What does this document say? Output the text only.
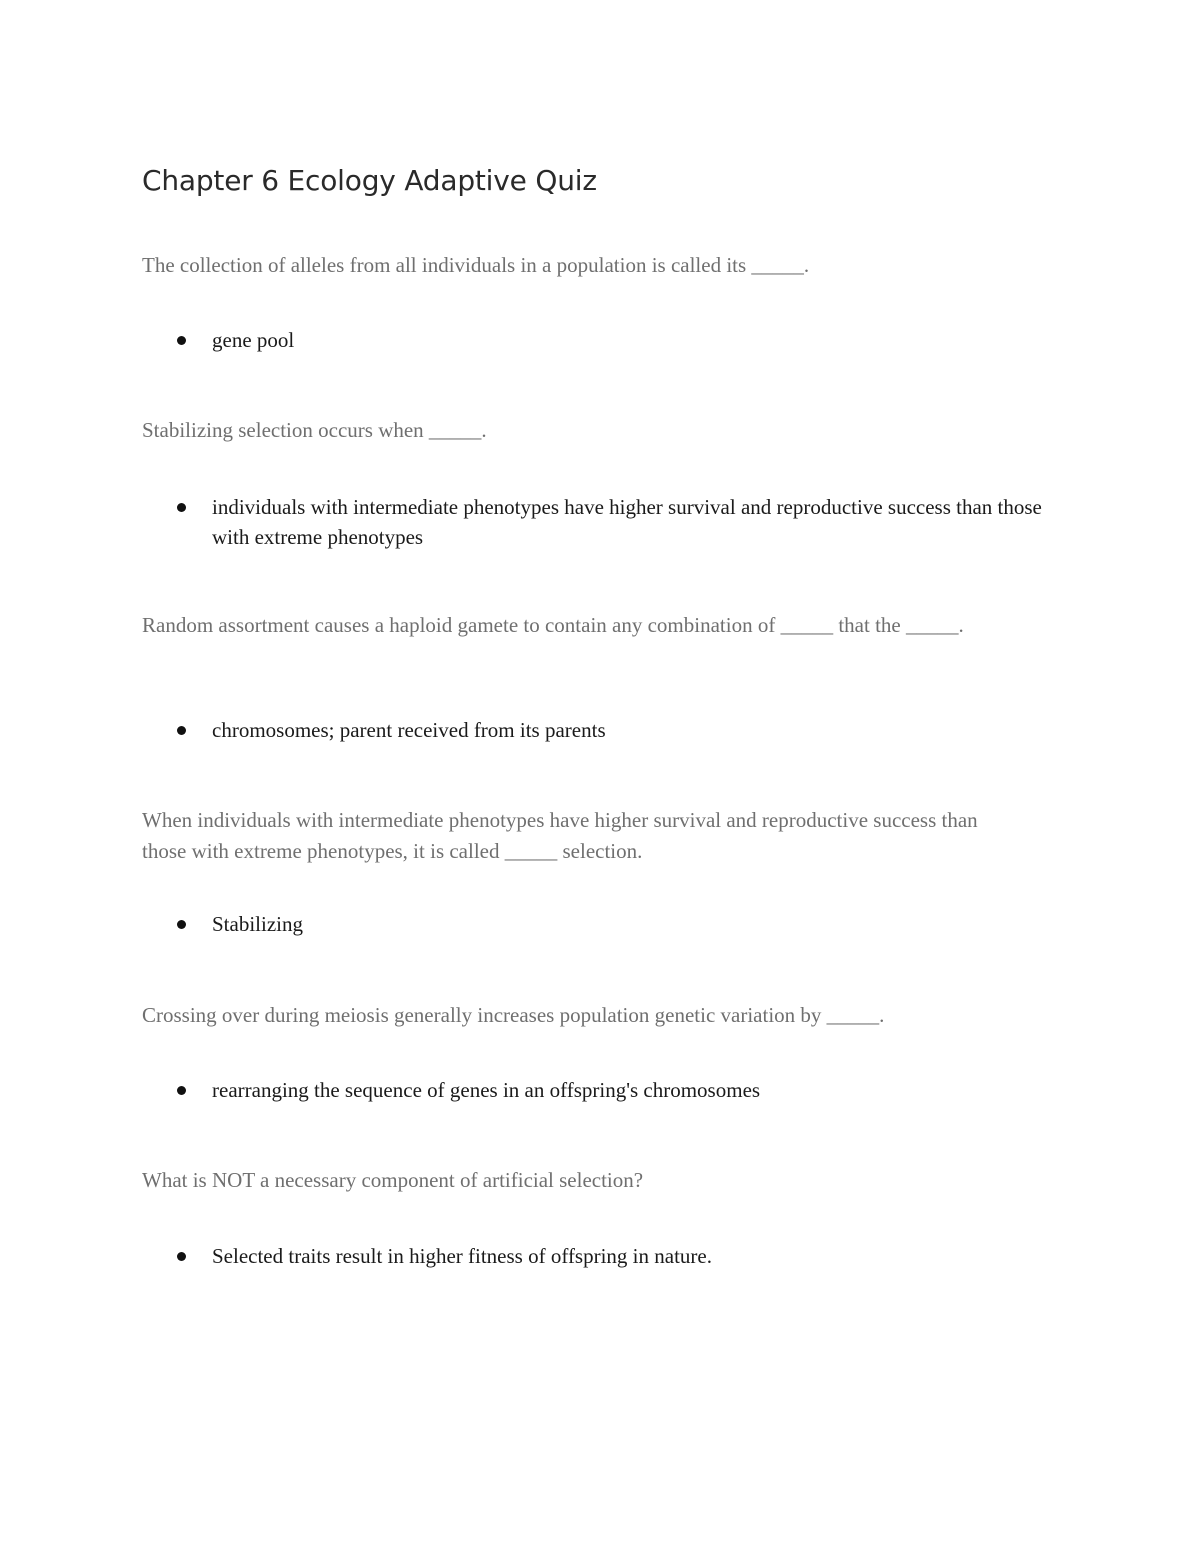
Chapter 6 Ecology Adaptive Quiz

The collection of alleles from all individuals in a population is called its _____.

gene pool

Stabilizing selection occurs when _____.

individuals with intermediate phenotypes have higher survival and reproductive success than those with extreme phenotypes

Random assortment causes a haploid gamete to contain any combination of _____ that the _____.

chromosomes; parent received from its parents

When individuals with intermediate phenotypes have higher survival and reproductive success than those with extreme phenotypes, it is called _____ selection.

Stabilizing

Crossing over during meiosis generally increases population genetic variation by _____.

rearranging the sequence of genes in an offspring's chromosomes

What is NOT a necessary component of artificial selection?

Selected traits result in higher fitness of offspring in nature.
